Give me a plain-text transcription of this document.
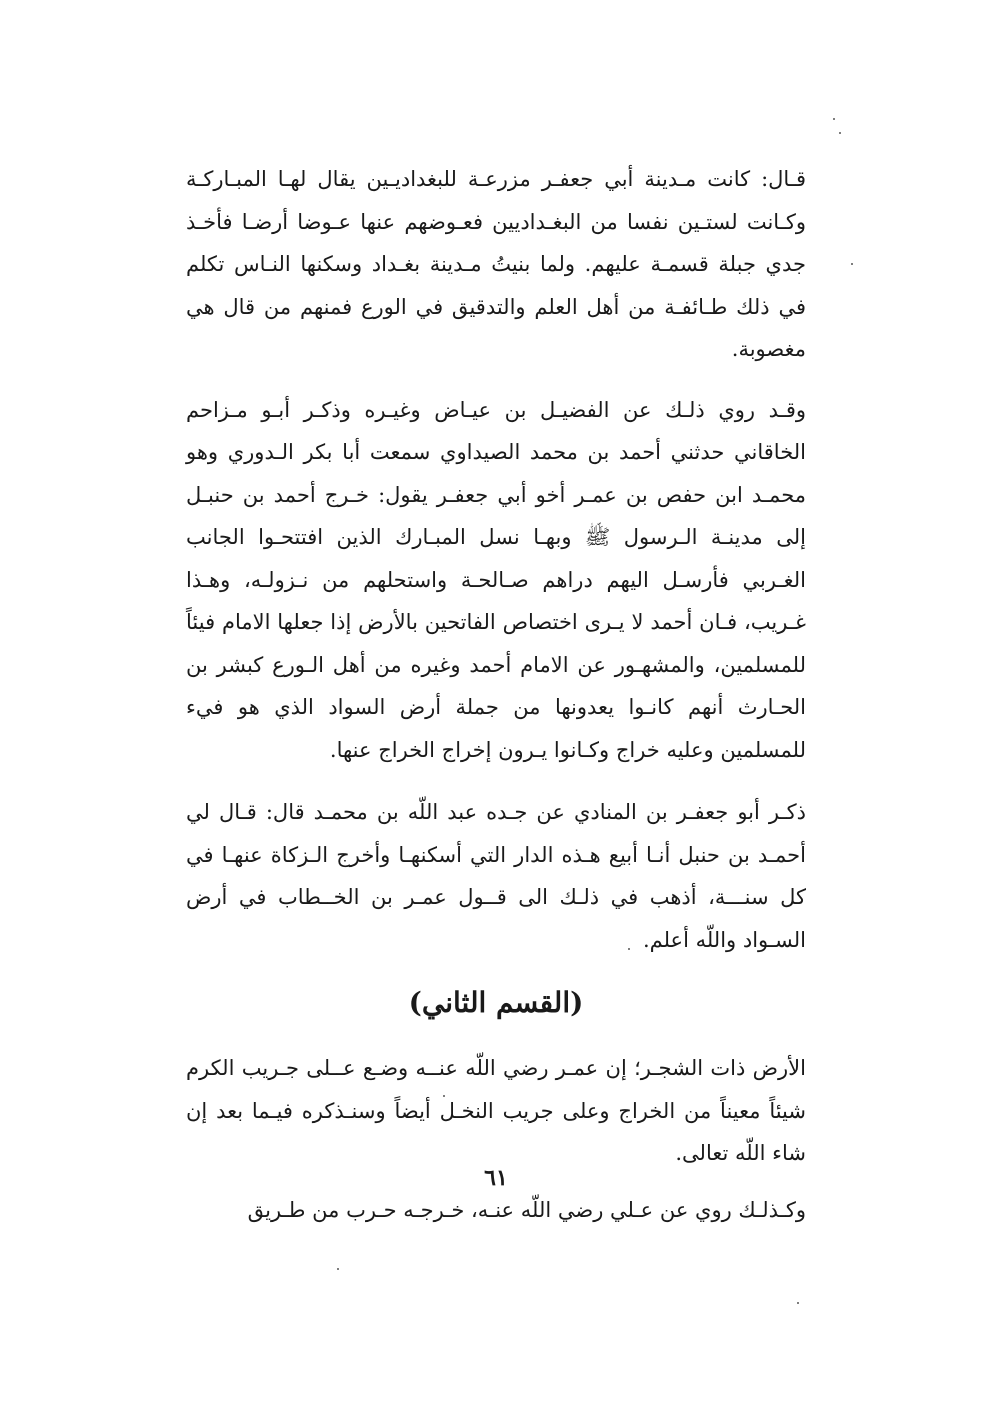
قـال: كانت مـدينة أبي جعفـر مزرعـة للبغداديـين يقال لهـا المبـاركـة وكـانت لستـين نفسا من البغـداديين فعـوضهم عنها عـوضا أرضـا فأخـذ جدي جبلة قسمـة عليهم. ولما بنيتُ مـدينة بغـداد وسكنها النـاس تكلم في ذلك طـائفـة من أهل العلم والتدقيق في الورع فمنهم من قال هي مغصوبة.

وقـد روي ذلـك عن الفضيـل بن عيـاض وغيـره وذكـر أبـو مـزاحم الخاقاني حدثني أحمد بن محمد الصيداوي سمعت أبا بكر الـدوري وهو محمـد ابن حفص بن عمـر أخو أبي جعفـر يقول: خـرج أحمد بن حنبـل إلى مدينـة الـرسول ﷺ وبهـا نسل المبـارك الذين افتتحـوا الجانب الغـربي فأرسـل اليهم دراهم صـالحـة واستحلهم من نـزولـه، وهـذا غـريب، فـان أحمد لا يـرى اختصاص الفاتحين بالأرض إذا جعلها الامام فيئاً للمسلمين، والمشهـور عن الامام أحمد وغيره من أهل الـورع كبشر بن الحـارث أنهم كانـوا يعدونها من جملة أرض السواد الذي هو فيء للمسلمين وعليه خراج وكـانوا يـرون إخراج الخراج عنها.

ذكـر أبو جعفـر بن المنادي عن جـده عبد اللّه بن محمـد قال: قـال لي أحمـد بن حنبل أنـا أبيع هـذه الدار التي أسكنهـا وأخرج الـزكاة عنهـا في كل سنـــة، أذهب في ذلـك الى قــول عمـر بن الخــطاب في أرض السـواد واللّه أعلم.

(القسم الثاني)

الأرض ذات الشجـر؛ إن عمـر رضي اللّه عنــه وضـع عــلى جـريب الكرم شيئاً معيناً من الخراج وعلى جريب النخـل أيضاً وسنـذكره فيـما بعد إن شاء اللّه تعالى.

وكـذلـك روي عن عـلي رضي اللّه عنـه، خـرجـه حـرب من طـريق

٦١
